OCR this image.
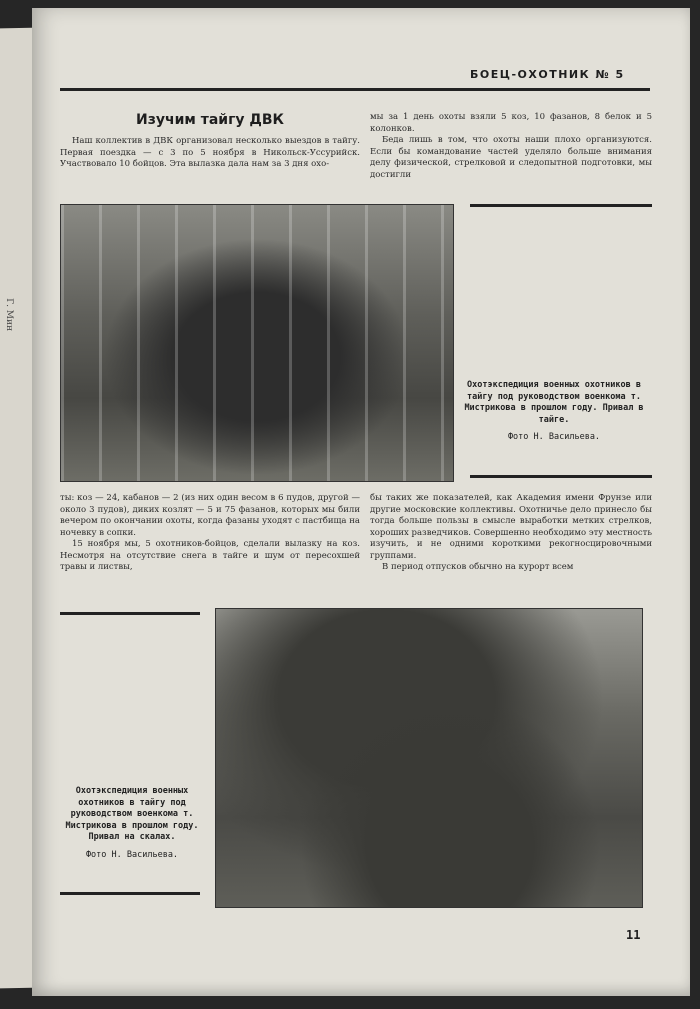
Г. Мин
БОЕЦ-ОХОТНИК № 5
Изучим тайгу ДВК

Наш коллектив в ДВК организовал несколько выездов в тайгу. Первая поездка — с 3 по 5 ноября в Никольск-Уссурийск. Участвовало 10 бойцов. Эта вылазка дала нам за 3 дня охо-

мы за 1 день охоты взяли 5 коз, 10 фазанов, 8 белок и 5 колонков.

Беда лишь в том, что охоты наши плохо организуются. Если бы командование частей уделяло больше внимания делу физической, стрелковой и следопытной подготовки, мы достигли

Охотэкспедиция военных охотников в тайгу под руководством военкома т. Мистрикова в прошлом году. Привал в тайге.
Фото Н. Васильева.

ты: коз — 24, кабанов — 2 (из них один весом в 6 пудов, другой — около 3 пудов), диких козлят — 5 и 75 фазанов, которых мы били вечером по окончании охоты, когда фазаны уходят с пастбища на ночевку в сопки.

15 ноября мы, 5 охотников-бойцов, сделали вылазку на коз. Несмотря на отсутствие снега в тайге и шум от пересохшей травы и листвы,

бы таких же показателей, как Академия имени Фрунзе или другие московские коллективы. Охотничье дело принесло бы тогда больше пользы в смысле выработки метких стрелков, хороших разведчиков. Совершенно необходимо эту местность изучить, и не одними короткими рекогносцировочными группами.

В период отпусков обычно на курорт всем

Охотэкспедиция военных охотников в тайгу под руководством военкома т. Мистрикова в прошлом году. Привал на скалах.
Фото Н. Васильева.
11
